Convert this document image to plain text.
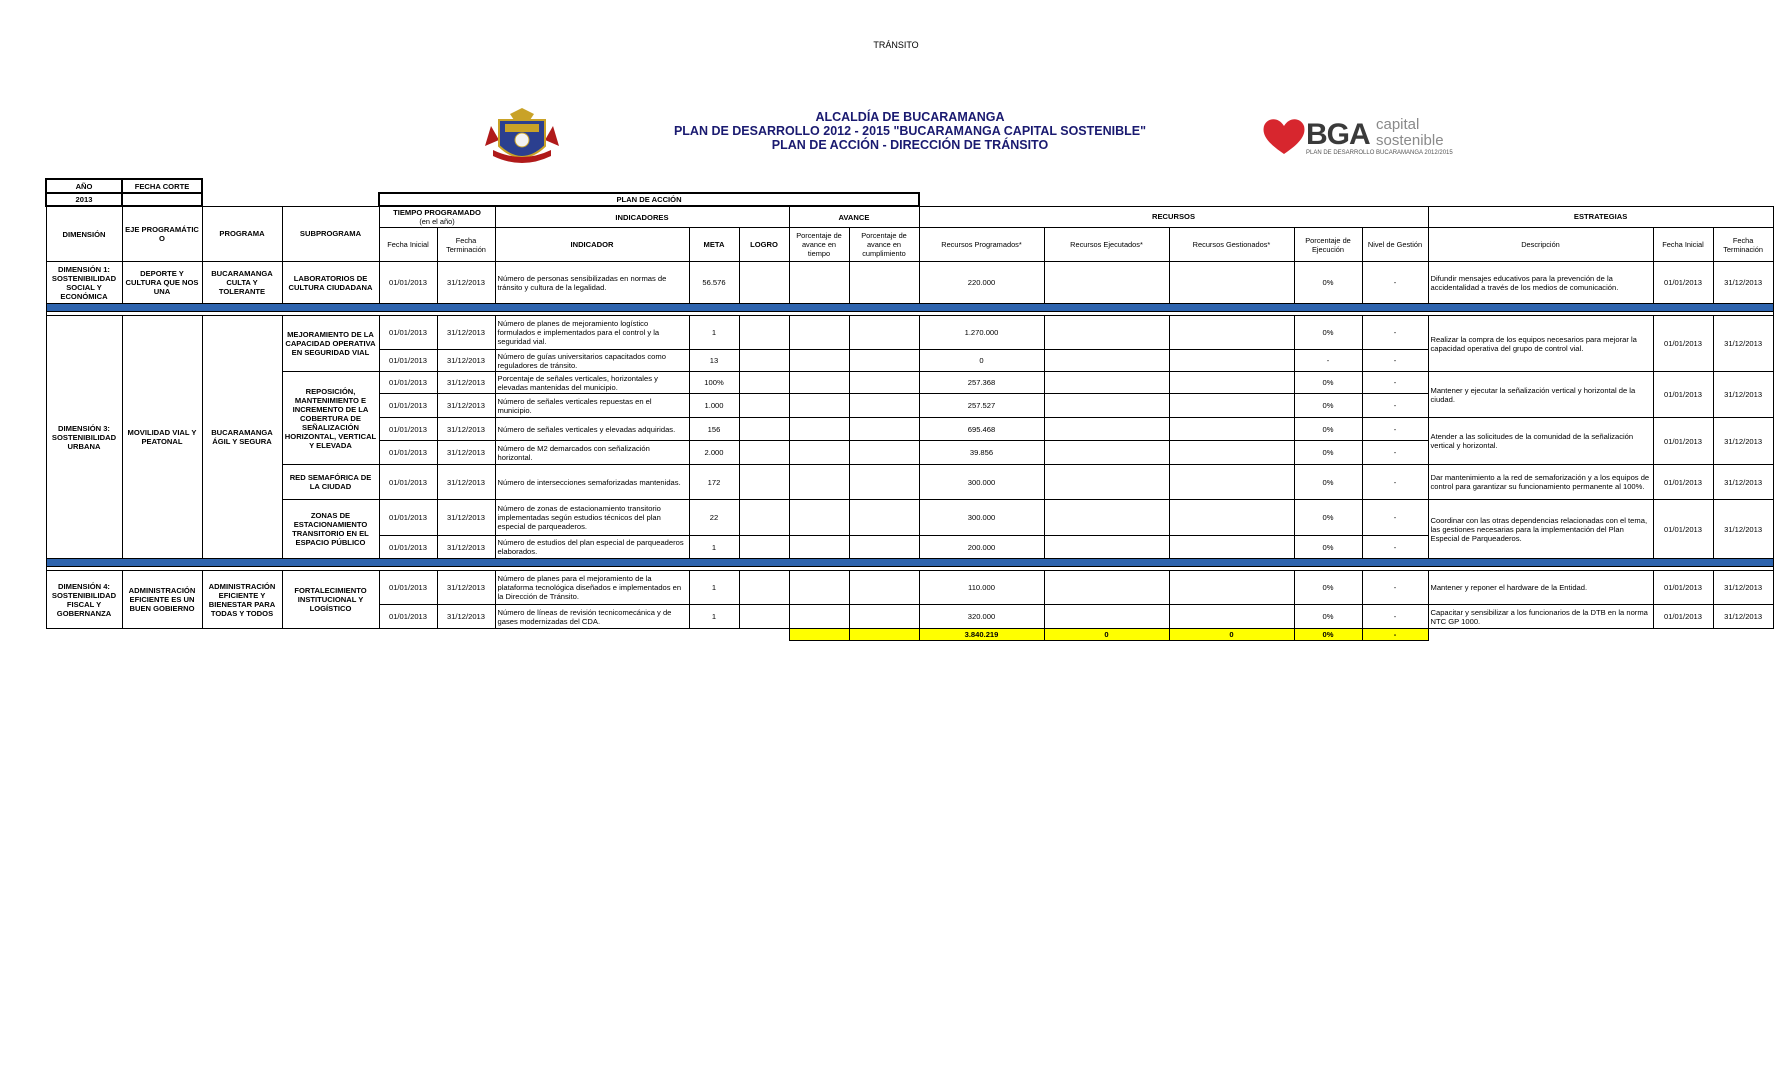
TRÁNSITO
ALCALDÍA DE BUCARAMANGA
PLAN DE DESARROLLO 2012 - 2015 "BUCARAMANGA CAPITAL SOSTENIBLE"
PLAN DE ACCIÓN - DIRECCIÓN DE TRÁNSITO	BGA capital
sostenible
PLAN DE DESARROLLO BUCARAMANGA 2012/2015
AÑO	FECHA CORTE																	
2013				PLAN DE ACCIÓN														
DIMENSIÓN	EJE PROGRAMÁTIC O	PROGRAMA	SUBPROGRAMA	TIEMPO PROGRAMADO
(en el año)		INDICADORES			AVANCE		RECURSOS					ESTRATEGIAS		
				Fecha Inicial	Fecha Terminación	INDICADOR	META	LOGRO	Porcentaje de avance en tiempo	Porcentaje de avance en cumplimiento	Recursos Programados*	Recursos Ejecutados*	Recursos Gestionados*	Porcentaje de Ejecución	Nivel de Gestión	Descripción	Fecha Inicial	Fecha Terminación
DIMENSIÓN 1: SOSTENIBILIDAD SOCIAL Y ECONÓMICA	DEPORTE Y CULTURA QUE NOS UNA	BUCARAMANGA CULTA Y TOLERANTE	LABORATORIOS DE CULTURA CIUDADANA	01/01/2013	31/12/2013	Número de personas sensibilizadas en normas de tránsito y cultura de la legalidad.	56.576				220.000			0%	-	Difundir mensajes educativos para la prevención de la accidentalidad a través de los medios de comunicación.	01/01/2013	31/12/2013

DIMENSIÓN 3: SOSTENIBILIDAD URBANA	MOVILIDAD VIAL Y PEATONAL	BUCARAMANGA ÁGIL Y SEGURA	MEJORAMIENTO DE LA CAPACIDAD OPERATIVA EN SEGURIDAD VIAL	01/01/2013	31/12/2013	Número de planes de mejoramiento logístico formulados e implementados para el control y la seguridad vial.	1				1.270.000			0%	-	Realizar la compra de los equipos necesarios para mejorar la capacidad operativa del grupo de control vial.	01/01/2013	31/12/2013
				01/01/2013	31/12/2013	Número de guías universitarios capacitados como reguladores de tránsito.	13				0			-	-			
			REPOSICIÓN, MANTENIMIENTO E INCREMENTO DE LA COBERTURA DE SEÑALIZACIÓN HORIZONTAL, VERTICAL Y ELEVADA	01/01/2013	31/12/2013	Porcentaje de señales verticales, horizontales y elevadas mantenidas del municipio.	100%				257.368			0%	-	Mantener y ejecutar la señalización vertical y horizontal de la ciudad.	01/01/2013	31/12/2013
				01/01/2013	31/12/2013	Número de señales verticales repuestas en el municipio.	1.000				257.527			0%	-			
				01/01/2013	31/12/2013	Número de señales verticales y elevadas adquiridas.	156				695.468			0%	-	Atender a las solicitudes de la comunidad de la señalización vertical y horizontal.	01/01/2013	31/12/2013
				01/01/2013	31/12/2013	Número de M2 demarcados con señalización horizontal.	2.000				39.856			0%	-			
			RED SEMAFÓRICA DE LA CIUDAD	01/01/2013	31/12/2013	Número de intersecciones semaforizadas mantenidas.	172				300.000			0%	-	Dar mantenimiento a la red de semaforización y a los equipos de control para garantizar su funcionamiento permanente al 100%.	01/01/2013	31/12/2013
			ZONAS DE ESTACIONAMIENTO TRANSITORIO EN EL ESPACIO PÚBLICO	01/01/2013	31/12/2013	Número de zonas de estacionamiento transitorio implementadas según estudios técnicos del plan especial de parqueaderos.	22				300.000			0%	-	Coordinar con las otras dependencias relacionadas con el tema, las gestiones necesarias para la implementación del Plan Especial de Parqueaderos.	01/01/2013	31/12/2013
				01/01/2013	31/12/2013	Número de estudios del plan especial de parqueaderos elaborados.	1				200.000			0%	-			

DIMENSIÓN 4: SOSTENIBILIDAD FISCAL Y GOBERNANZA	ADMINISTRACIÓN EFICIENTE ES UN BUEN GOBIERNO	ADMINISTRACIÓN EFICIENTE Y BIENESTAR PARA TODAS Y TODOS	FORTALECIMIENTO INSTITUCIONAL Y LOGÍSTICO	01/01/2013	31/12/2013	Número de planes para el mejoramiento de la plataforma tecnológica diseñados e implementados en la Dirección de Tránsito.	1				110.000			0%	-	Mantener y reponer el hardware de la Entidad.	01/01/2013	31/12/2013
				01/01/2013	31/12/2013	Número de líneas de revisión tecnicomecánica y de gases modernizadas del CDA.	1				320.000			0%	-	Capacitar y sensibilizar a los funcionarios de la DTB en la norma NTC GP 1000.	01/01/2013	31/12/2013
											3.840.219	0	0	0%	-			
